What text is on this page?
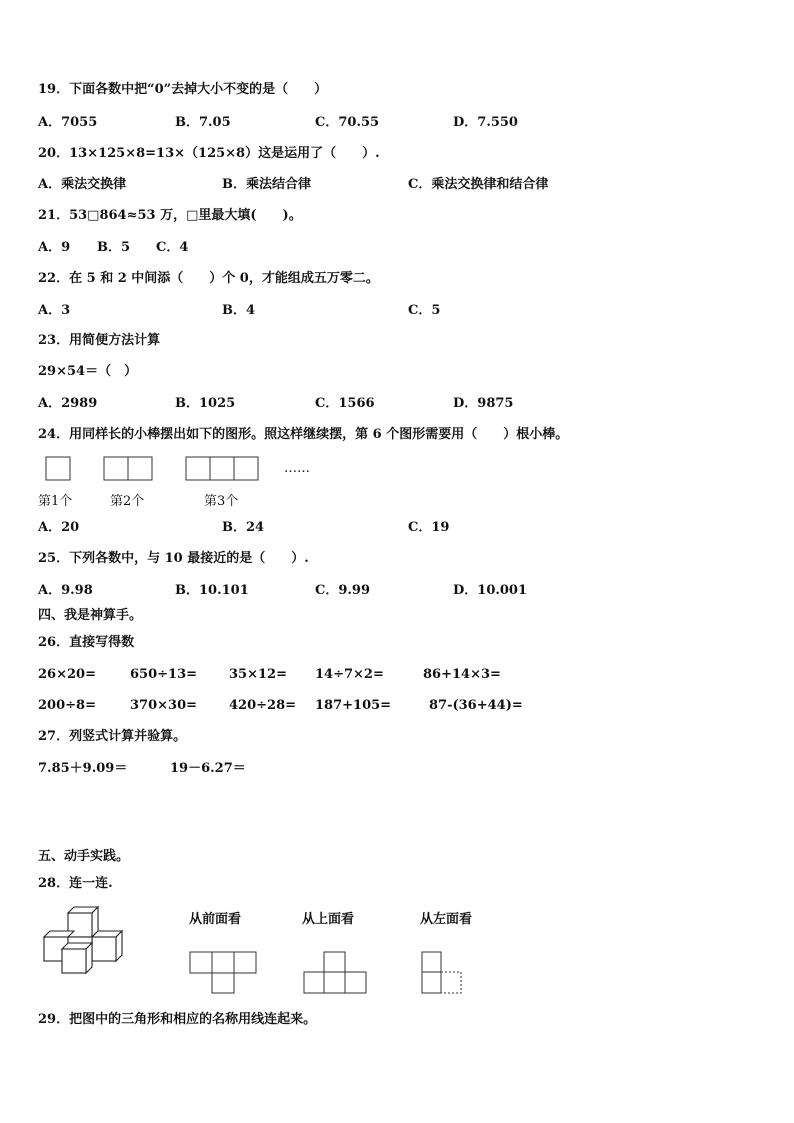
19．下面各数中把“0”去掉大小不变的是（　　）
A．7055	B．7.05	C．70.55	D．7.550
20．13×125×8=13×（125×8）这是运用了（　　）.
A．乘法交换律	B．乘法结合律	C．乘法交换律和结合律
21．53□864≈53 万，□里最大填(　　)。
A．9 B．5 C．4
22．在 5 和 2 中间添（　　）个 0，才能组成五万零二。
A．3	B．4	C．5
23．用简便方法计算
29×54＝（　）
A．2989	B．1025	C．1566	D．9875
24．用同样长的小棒摆出如下的图形。照这样继续摆，第 6 个图形需要用（　　）根小棒。
……
第1个	第2个	第3个
A．20	B．24	C．19
25．下列各数中，与 10 最接近的是（　　）.
A．9.98	B．10.101	C．9.99	D．10.001
四、我是神算手。
26．直接写得数
26×20=	650÷13= 35×12= 14÷7×2=	86+14×3=
200÷8=	370×30= 420÷28= 187+105=	87-(36+44)=
27．列竖式计算并验算。
7.85＋9.09＝	19－6.27＝
五、动手实践。
28．连一连.
从前面看	从上面看	从左面看
29．把图中的三角形和相应的名称用线连起来。
